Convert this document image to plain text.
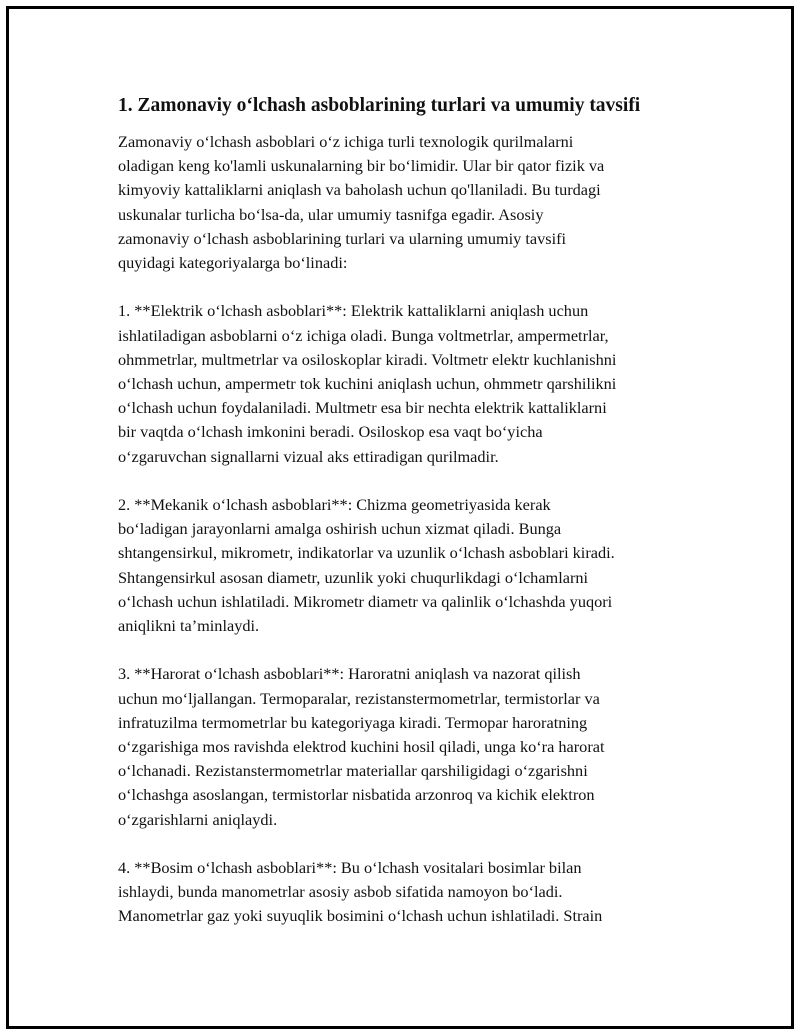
1. Zamonaviy oʻlchash asboblarining turlari va umumiy tavsifi
Zamonaviy oʻlchash asboblari oʻz ichiga turli texnologik qurilmalarni
oladigan keng ko'lamli uskunalarning bir boʻlimidir. Ular bir qator fizik va
kimyoviy kattaliklarni aniqlash va baholash uchun qo'llaniladi. Bu turdagi
uskunalar turlicha boʻlsa-da, ular umumiy tasnifga egadir. Asosiy
zamonaviy oʻlchash asboblarining turlari va ularning umumiy tavsifi
quyidagi kategoriyalarga boʻlinadi:
1. **Elektrik oʻlchash asboblari**: Elektrik kattaliklarni aniqlash uchun
ishlatiladigan asboblarni oʻz ichiga oladi. Bunga voltmetrlar, ampermetrlar,
ohmmetrlar, multmetrlar va osiloskoplar kiradi. Voltmetr elektr kuchlanishni
oʻlchash uchun, ampermetr tok kuchini aniqlash uchun, ohmmetr qarshilikni
oʻlchash uchun foydalaniladi. Multmetr esa bir nechta elektrik kattaliklarni
bir vaqtda oʻlchash imkonini beradi. Osiloskop esa vaqt boʻyicha
oʻzgaruvchan signallarni vizual aks ettiradigan qurilmadir.
2. **Mekanik oʻlchash asboblari**: Chizma geometriyasida kerak
boʻladigan jarayonlarni amalga oshirish uchun xizmat qiladi. Bunga
shtangensirkul, mikrometr, indikatorlar va uzunlik oʻlchash asboblari kiradi.
Shtangensirkul asosan diametr, uzunlik yoki chuqurlikdagi oʻlchamlarni
oʻlchash uchun ishlatiladi. Mikrometr diametr va qalinlik oʻlchashda yuqori
aniqlikni taʼminlaydi.
3. **Harorat oʻlchash asboblari**: Haroratni aniqlash va nazorat qilish
uchun moʻljallangan. Termoparalar, rezistanstermometrlar, termistorlar va
infratuzilma termometrlar bu kategoriyaga kiradi. Termopar haroratning
oʻzgarishiga mos ravishda elektrod kuchini hosil qiladi, unga koʻra harorat
oʻlchanadi. Rezistanstermometrlar materiallar qarshiligidagi oʻzgarishni
oʻlchashga asoslangan, termistorlar nisbatida arzonroq va kichik elektron
oʻzgarishlarni aniqlaydi.
4. **Bosim oʻlchash asboblari**: Bu oʻlchash vositalari bosimlar bilan
ishlaydi, bunda manometrlar asosiy asbob sifatida namoyon boʻladi.
Manometrlar gaz yoki suyuqlik bosimini oʻlchash uchun ishlatiladi. Strain
